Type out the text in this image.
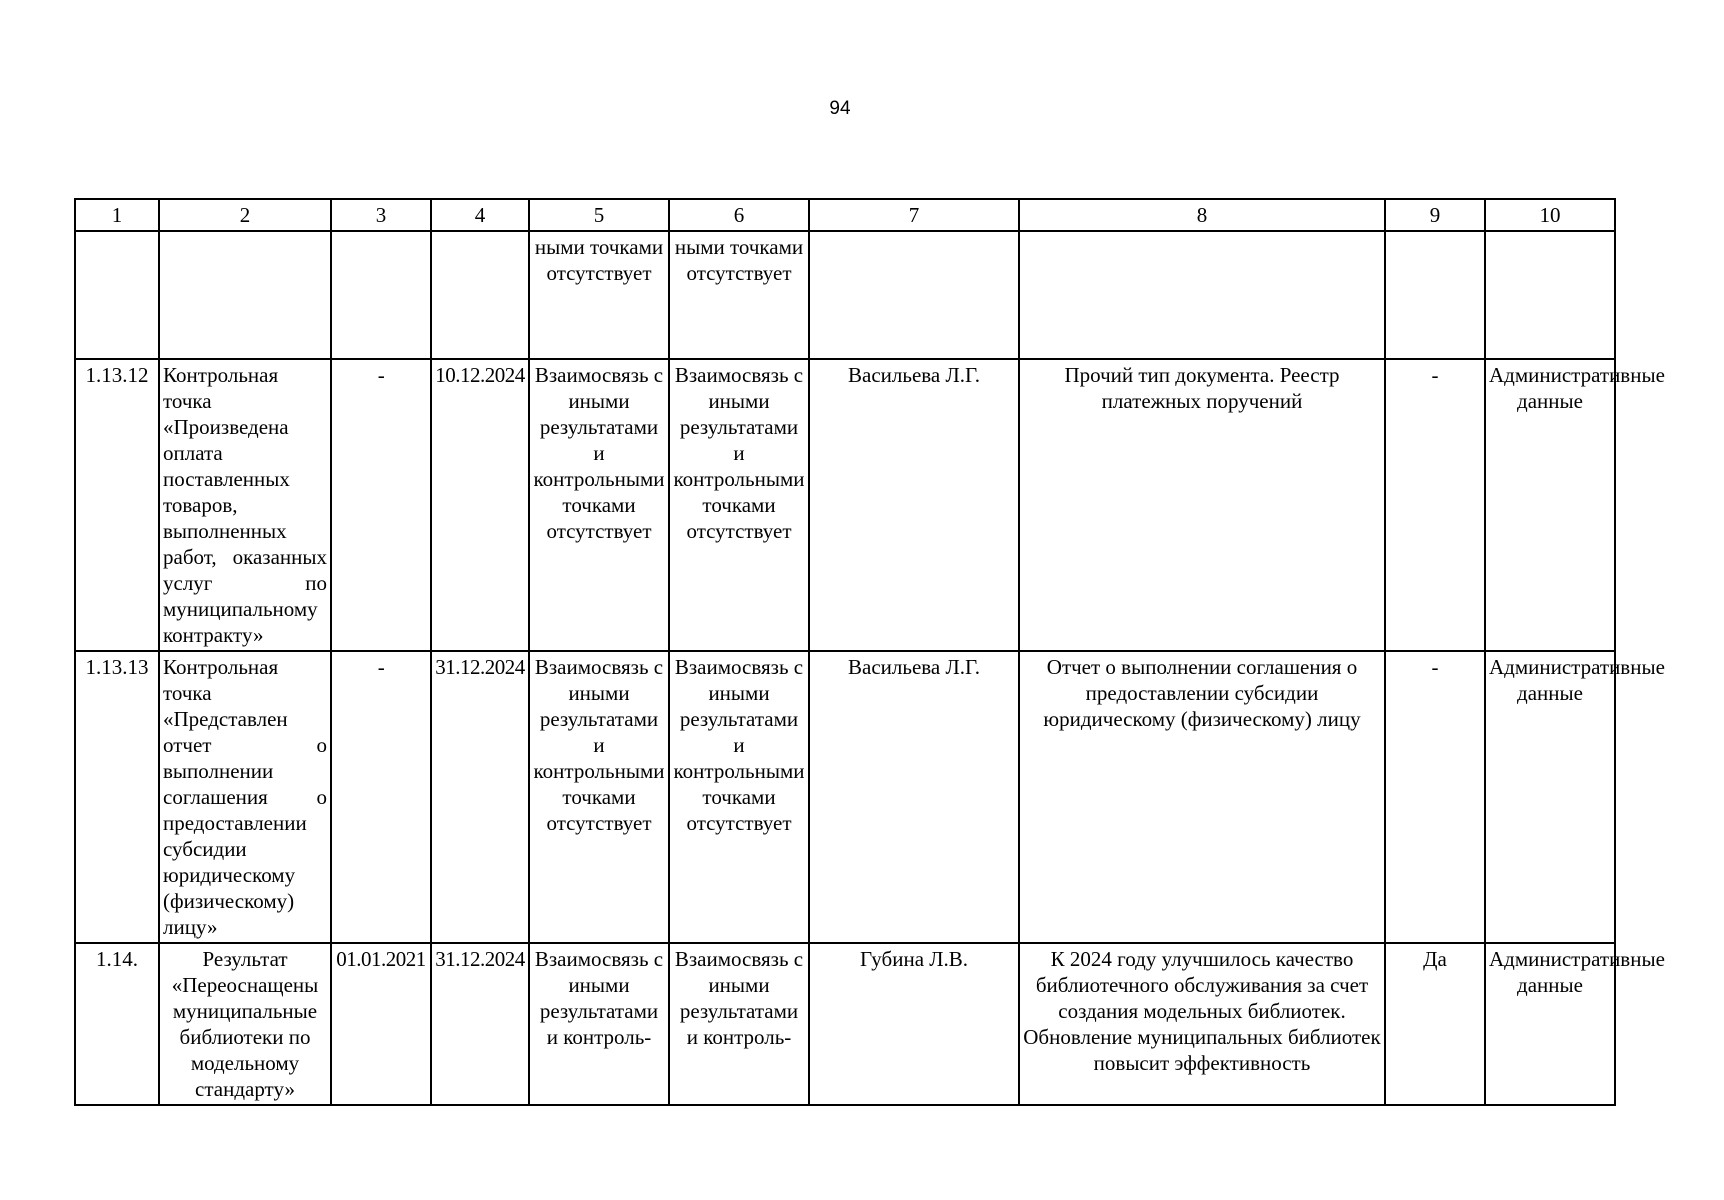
94
1	2	3	4	5	6	7	8	9	10
				ными точками отсутствует	ными точками отсутствует				
1.13.12	Контрольная точка «Произведена оплата поставленных товаров, выполненных работ, оказанных услуг по муниципальному контракту»	-	10.12.2024	Взаимосвязь с иными результатами и контрольными точками отсутствует	Взаимосвязь с иными результатами и контрольными точками отсутствует	Васильева Л.Г.	Прочий тип документа. Реестр платежных поручений	-	Административные данные
1.13.13	Контрольная точка «Представлен отчет о выполнении соглашения о предоставлении субсидии юридическому (физическому) лицу»	-	31.12.2024	Взаимосвязь с иными результатами и контрольными точками отсутствует	Взаимосвязь с иными результатами и контрольными точками отсутствует	Васильева Л.Г.	Отчет о выполнении соглашения о предоставлении субсидии юридическому (физическому) лицу	-	Административные данные
1.14.	Результат «Переоснащены муниципальные библиотеки по модельному стандарту»	01.01.2021	31.12.2024	Взаимосвязь с иными результатами и контроль-	Взаимосвязь с иными результатами и контроль-	Губина Л.В.	К 2024 году улучшилось качество библиотечного обслуживания за счет создания модельных библиотек. Обновление муниципальных библиотек повысит эффективность	Да	Административные данные
